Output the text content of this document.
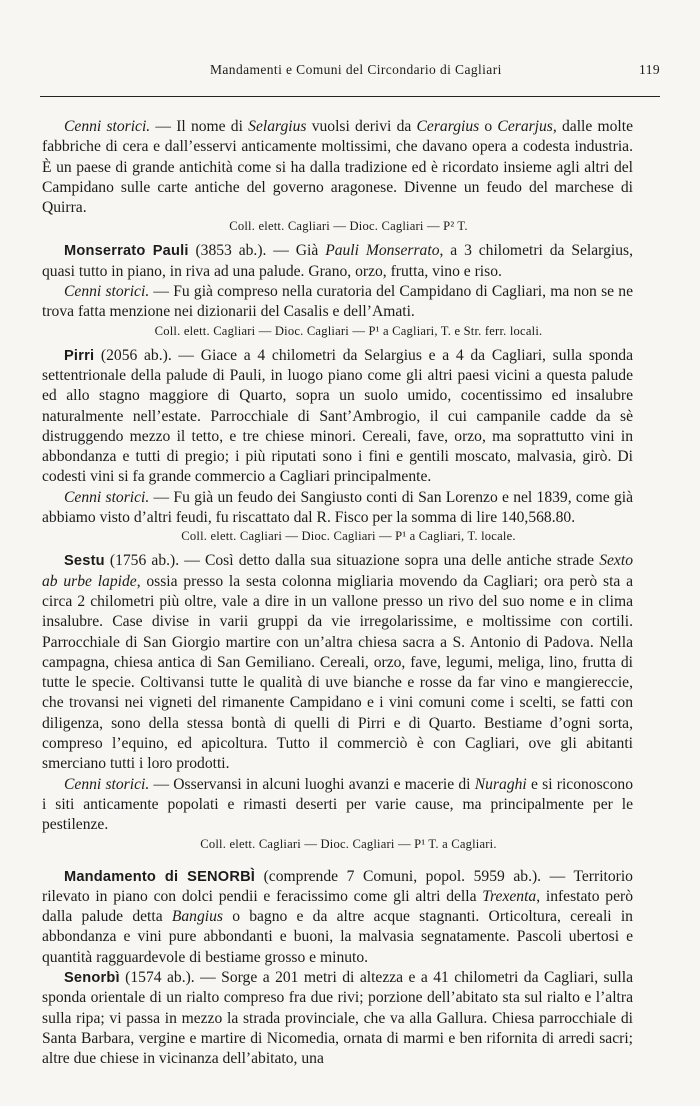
Mandamenti e Comuni del Circondario di Cagliari	119

Cenni storici. — Il nome di Selargius vuolsi derivi da Cerargius o Cerarjus, dalle molte fabbriche di cera e dall’esservi anticamente moltissimi, che davano opera a codesta industria. È un paese di grande antichità come si ha dalla tradizione ed è ricordato insieme agli altri del Campidano sulle carte antiche del governo aragonese. Divenne un feudo del marchese di Quirra.

Coll. elett. Cagliari — Dioc. Cagliari — P² T.

Monserrato Pauli (3853 ab.). — Già Pauli Monserrato, a 3 chilometri da Selargius, quasi tutto in piano, in riva ad una palude. Grano, orzo, frutta, vino e riso.

Cenni storici. — Fu già compreso nella curatoria del Campidano di Cagliari, ma non se ne trova fatta menzione nei dizionarii del Casalis e dell’Amati.

Coll. elett. Cagliari — Dioc. Cagliari — P¹ a Cagliari, T. e Str. ferr. locali.

Pirri (2056 ab.). — Giace a 4 chilometri da Selargius e a 4 da Cagliari, sulla sponda settentrionale della palude di Pauli, in luogo piano come gli altri paesi vicini a questa palude ed allo stagno maggiore di Quarto, sopra un suolo umido, cocentissimo ed insalubre naturalmente nell’estate. Parrocchiale di Sant’Ambrogio, il cui campanile cadde da sè distruggendo mezzo il tetto, e tre chiese minori. Cereali, fave, orzo, ma soprattutto vini in abbondanza e tutti di pregio; i più riputati sono i fini e gentili moscato, malvasia, girò. Di codesti vini si fa grande commercio a Cagliari principalmente.

Cenni storici. — Fu già un feudo dei Sangiusto conti di San Lorenzo e nel 1839, come già abbiamo visto d’altri feudi, fu riscattato dal R. Fisco per la somma di lire 140,568.80.

Coll. elett. Cagliari — Dioc. Cagliari — P¹ a Cagliari, T. locale.

Sestu (1756 ab.). — Così detto dalla sua situazione sopra una delle antiche strade Sexto ab urbe lapide, ossia presso la sesta colonna migliaria movendo da Cagliari; ora però sta a circa 2 chilometri più oltre, vale a dire in un vallone presso un rivo del suo nome e in clima insalubre. Case divise in varii gruppi da vie irregolarissime, e moltissime con cortili. Parrocchiale di San Giorgio martire con un’altra chiesa sacra a S. Antonio di Padova. Nella campagna, chiesa antica di San Gemiliano. Cereali, orzo, fave, legumi, meliga, lino, frutta di tutte le specie. Coltivansi tutte le qualità di uve bianche e rosse da far vino e mangiereccie, che trovansi nei vigneti del rimanente Campidano e i vini comuni come i scelti, se fatti con diligenza, sono della stessa bontà di quelli di Pirri e di Quarto. Bestiame d’ogni sorta, compreso l’equino, ed apicoltura. Tutto il commerciò è con Cagliari, ove gli abitanti smerciano tutti i loro prodotti.

Cenni storici. — Osservansi in alcuni luoghi avanzi e macerie di Nuraghi e si riconoscono i siti anticamente popolati e rimasti deserti per varie cause, ma principalmente per le pestilenze.

Coll. elett. Cagliari — Dioc. Cagliari — P¹ T. a Cagliari.

Mandamento di SENORBÌ (comprende 7 Comuni, popol. 5959 ab.). — Territorio rilevato in piano con dolci pendii e feracissimo come gli altri della Trexenta, infestato però dalla palude detta Bangius o bagno e da altre acque stagnanti. Orticoltura, cereali in abbondanza e vini pure abbondanti e buoni, la malvasia segnatamente. Pascoli ubertosi e quantità ragguardevole di bestiame grosso e minuto.

Senorbì (1574 ab.). — Sorge a 201 metri di altezza e a 41 chilometri da Cagliari, sulla sponda orientale di un rialto compreso fra due rivi; porzione dell’abitato sta sul rialto e l’altra sulla ripa; vi passa in mezzo la strada provinciale, che va alla Gallura. Chiesa parrocchiale di Santa Barbara, vergine e martire di Nicomedia, ornata di marmi e ben rifornita di arredi sacri; altre due chiese in vicinanza dell’abitato, una
